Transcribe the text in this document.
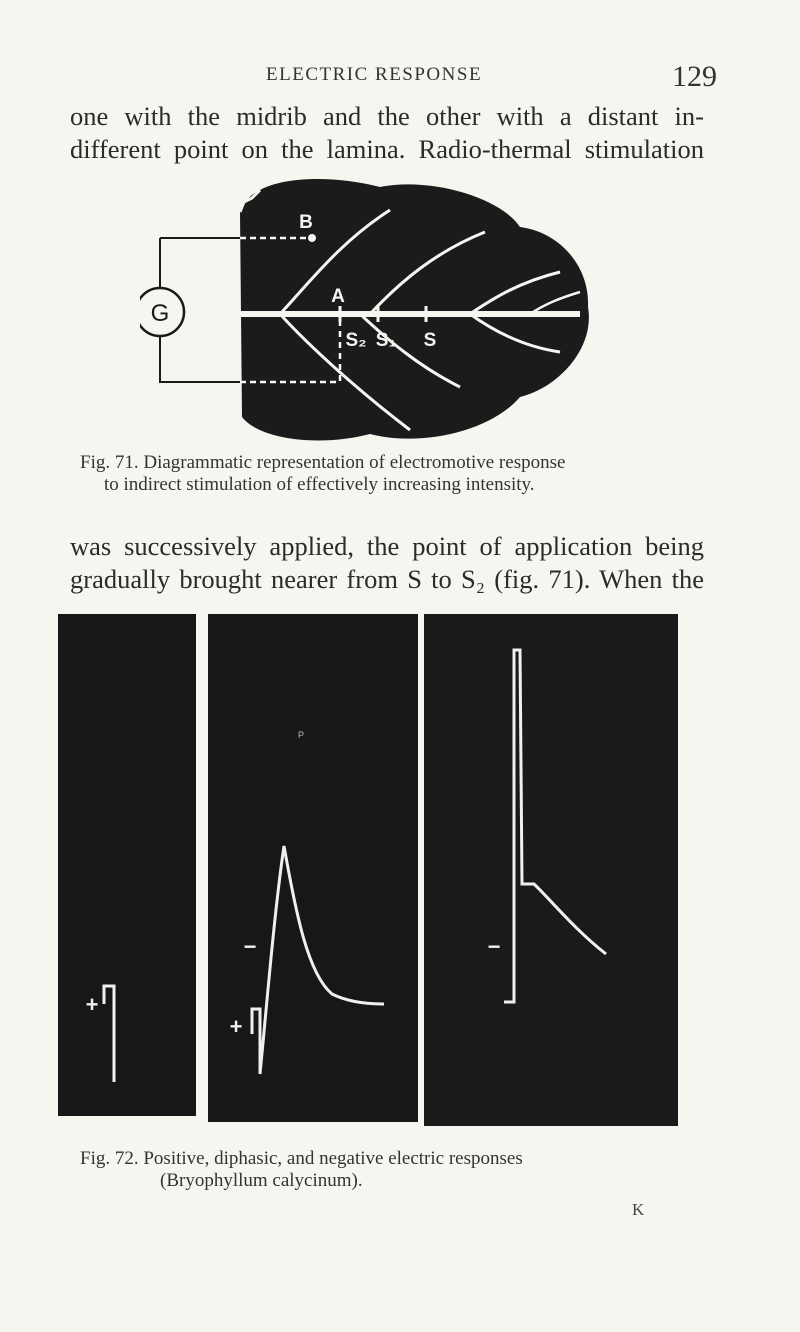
ELECTRIC RESPONSE	129
one with the midrib and the other with a distant in-
different point on the lamina. Radio-thermal stimulation
G
B
A
S₂ S₁ S
Fig. 71. Diagrammatic representation of electromotive response
to indirect stimulation of effectively increasing intensity.
was successively applied, the point of application being
gradually brought nearer from S to S₂ (fig. 71). When the
+
P
+
−	−
Fig. 72. Positive, diphasic, and negative electric responses
(Bryophyllum calycinum).
K
